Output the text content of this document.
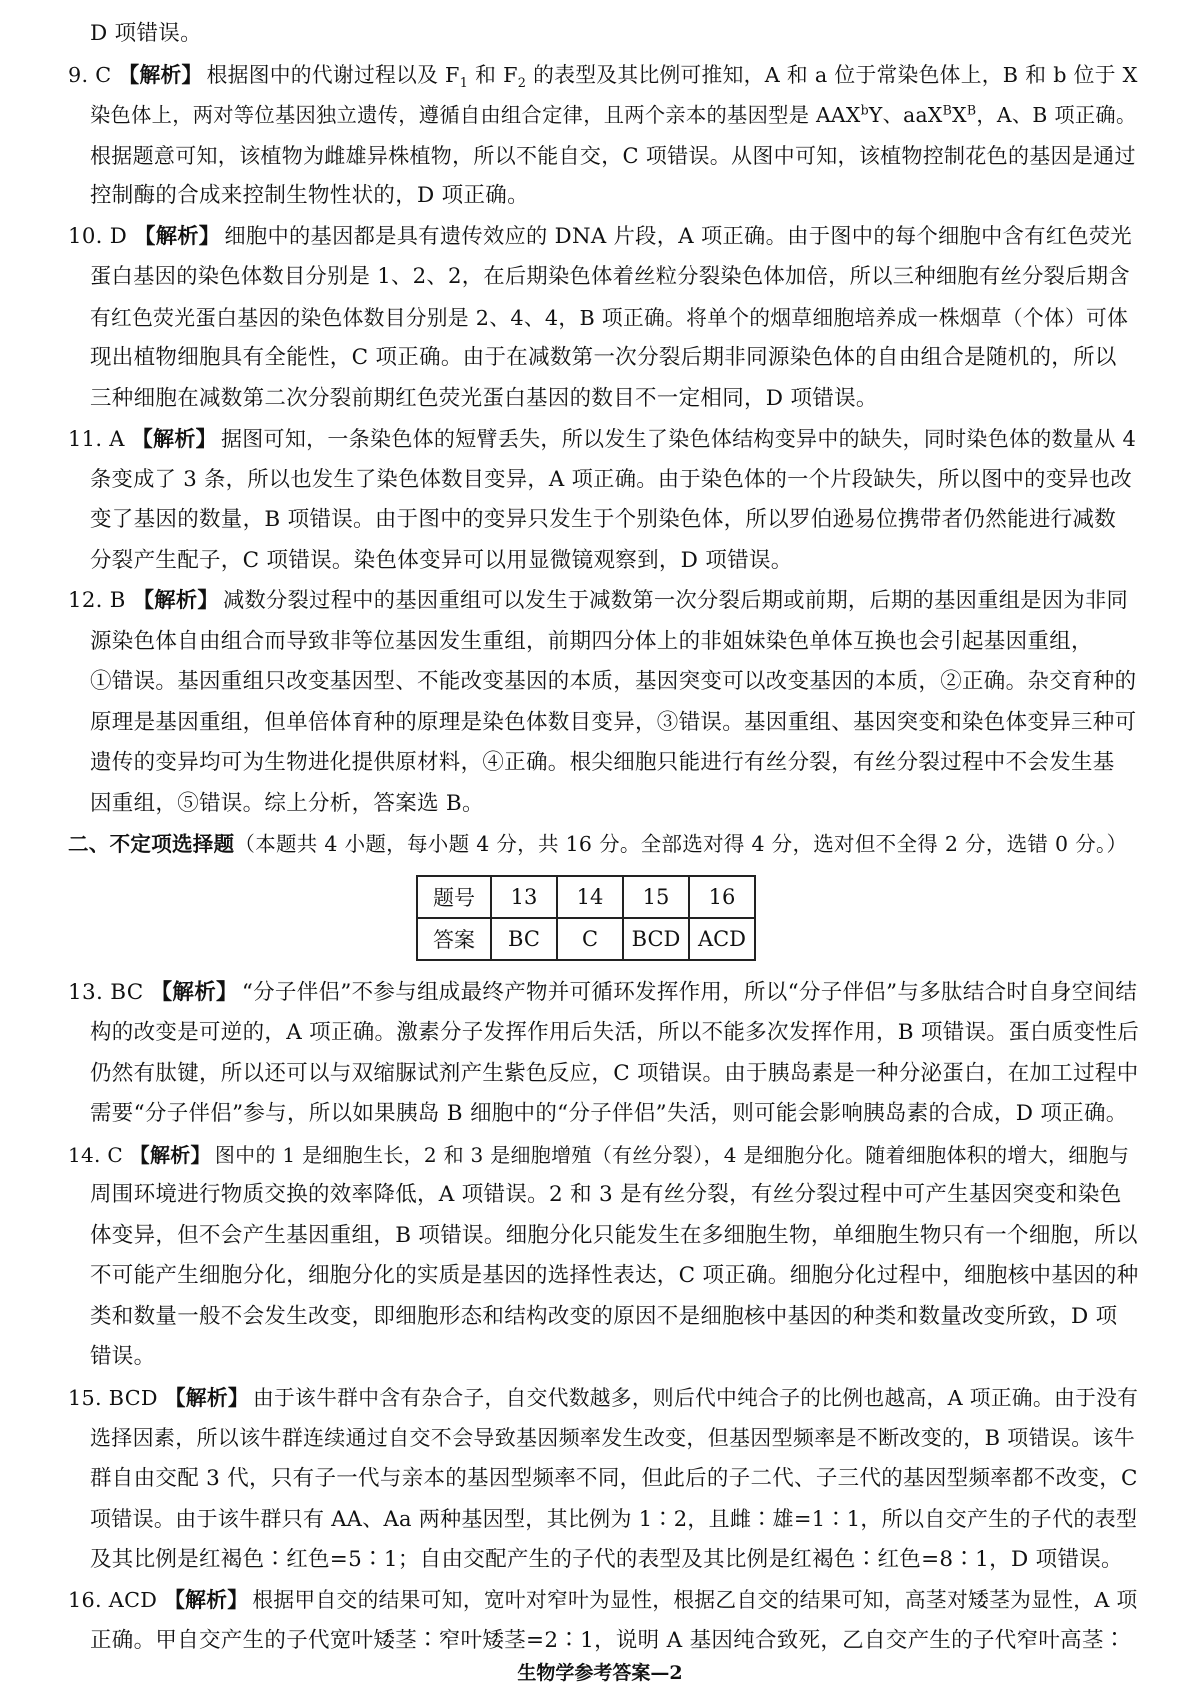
D 项错误。
9. C 【解析】 根据图中的代谢过程以及 $F_1$ 和 $F_2$ 的表型及其比例可推知，A 和 a 位于常染色体上，B 和 b 位于 X
染色体上，两对等位基因独立遗传，遵循自由组合定律，且两个亲本的基因型是 AAX$^b$Y、$aaX^BX^B$，A、B 项正确。
根据题意可知，该植物为雌雄异株植物，所以不能自交，C 项错误。从图中可知，该植物控制花色的基因是通过
控制酶的合成来控制生物性状的，D 项正确。
10. D 【解析】 细胞中的基因都是具有遗传效应的 DNA 片段，A 项正确。由于图中的每个细胞中含有红色荧光
蛋白基因的染色体数目分别是 1、2、2，在后期染色体着丝粒分裂染色体加倍，所以三种细胞有丝分裂后期含
有红色荧光蛋白基因的染色体数目分别是 2、4、4，B 项正确。将单个的烟草细胞培养成一株烟草（个体）可体
现出植物细胞具有全能性，C 项正确。由于在减数第一次分裂后期非同源染色体的自由组合是随机的，所以
三种细胞在减数第二次分裂前期红色荧光蛋白基因的数目不一定相同，D 项错误。
11. A 【解析】 据图可知，一条染色体的短臂丢失，所以发生了染色体结构变异中的缺失，同时染色体的数量从 4
条变成了 3 条，所以也发生了染色体数目变异，A 项正确。由于染色体的一个片段缺失，所以图中的变异也改
变了基因的数量，B 项错误。由于图中的变异只发生于个别染色体，所以罗伯逊易位携带者仍然能进行减数
分裂产生配子，C 项错误。染色体变异可以用显微镜观察到，D 项错误。
12. B 【解析】 减数分裂过程中的基因重组可以发生于减数第一次分裂后期或前期，后期的基因重组是因为非同
源染色体自由组合而导致非等位基因发生重组，前期四分体上的非姐妹染色单体互换也会引起基因重组，
①错误。基因重组只改变基因型、不能改变基因的本质，基因突变可以改变基因的本质，②正确。杂交育种的
原理是基因重组，但单倍体育种的原理是染色体数目变异，③错误。基因重组、基因突变和染色体变异三种可
遗传的变异均可为生物进化提供原材料，④正确。根尖细胞只能进行有丝分裂，有丝分裂过程中不会发生基
因重组，⑤错误。综上分析，答案选 B。
二、不定项选择题（本题共 4 小题，每小题 4 分，共 16 分。全部选对得 4 分，选对但不全得 2 分，选错 0 分。）
题号	13	14	15	16
答案	BC	C	BCD	ACD
13. BC 【解析】 “分子伴侣”不参与组成最终产物并可循环发挥作用，所以“分子伴侣”与多肽结合时自身空间结
构的改变是可逆的，A 项正确。激素分子发挥作用后失活，所以不能多次发挥作用，B 项错误。蛋白质变性后
仍然有肽键，所以还可以与双缩脲试剂产生紫色反应，C 项错误。由于胰岛素是一种分泌蛋白，在加工过程中
需要“分子伴侣”参与，所以如果胰岛 B 细胞中的“分子伴侣”失活，则可能会影响胰岛素的合成，D 项正确。
14. C 【解析】 图中的 1 是细胞生长，2 和 3 是细胞增殖（有丝分裂），4 是细胞分化。随着细胞体积的增大，细胞与
周围环境进行物质交换的效率降低，A 项错误。2 和 3 是有丝分裂，有丝分裂过程中可产生基因突变和染色
体变异，但不会产生基因重组，B 项错误。细胞分化只能发生在多细胞生物，单细胞生物只有一个细胞，所以
不可能产生细胞分化，细胞分化的实质是基因的选择性表达，C 项正确。细胞分化过程中，细胞核中基因的种
类和数量一般不会发生改变，即细胞形态和结构改变的原因不是细胞核中基因的种类和数量改变所致，D 项
错误。
15. BCD 【解析】 由于该牛群中含有杂合子，自交代数越多，则后代中纯合子的比例也越高，A 项正确。由于没有
选择因素，所以该牛群连续通过自交不会导致基因频率发生改变，但基因型频率是不断改变的，B 项错误。该牛
群自由交配 3 代，只有子一代与亲本的基因型频率不同，但此后的子二代、子三代的基因型频率都不改变，C
项错误。由于该牛群只有 AA、Aa 两种基因型，其比例为 1∶2，且雌∶雄=1∶1，所以自交产生的子代的表型
及其比例是红褐色∶红色=5∶1；自由交配产生的子代的表型及其比例是红褐色∶红色=8∶1，D 项错误。
16. ACD 【解析】 根据甲自交的结果可知，宽叶对窄叶为显性，根据乙自交的结果可知，高茎对矮茎为显性，A 项
正确。甲自交产生的子代宽叶矮茎∶窄叶矮茎=2∶1，说明 A 基因纯合致死，乙自交产生的子代窄叶高茎∶
生物学参考答案—2
